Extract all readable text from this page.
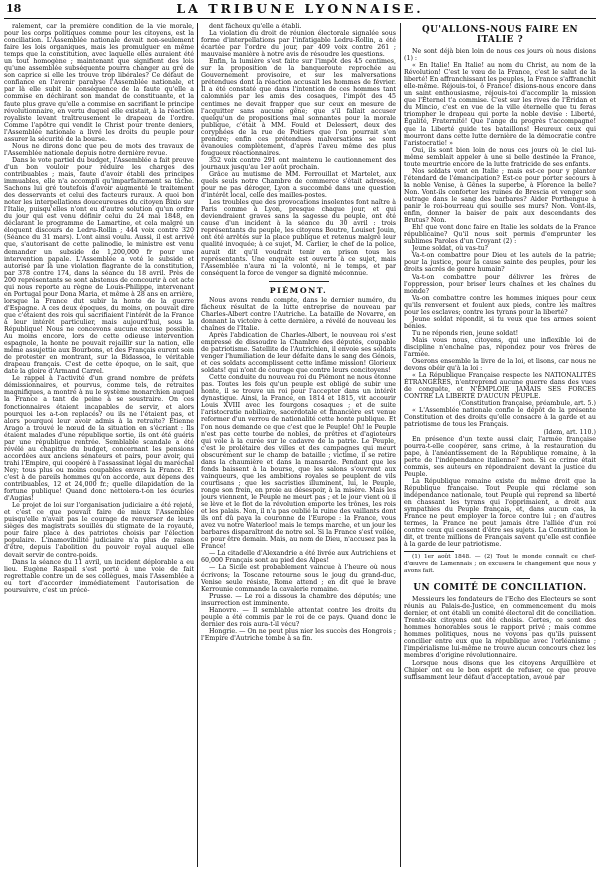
18	LA TRIBUNE LYONNAISE.

ralement, car la première condition de la vie morale, pour les corps politiques comme pour les citoyens, est la conciliation. L'Assemblée nationale devait non-seulement faire les lois organiques, mais les promulguer en même temps que la constitution, avec laquelle elles auraient été un tout homogène ; maintenant que signifient des lois qu'une assemblée subséquente pourra changer au gré de son caprice si elle les trouve trop libérales? Ce défaut de confiance en l'avenir paralyse l'Assemblée nationale, et par là elle subit la conséquence de la faute qu'elle a commise en déchirant son mandat de constituante, et la faute plus grave qu'elle a commise en sacrifiant le principe révolutionnaire, en vertu duquel elle existait, à la réaction royaliste levant traîtreusement le drapeau de l'ordre. Comme l'apôtre qui vendit le Christ pour trente deniers, l'Assemblée nationale a livré les droits du peuple pour assurer la sécurité de la bourse.

Nous ne dirons donc que peu de mots des travaux de l'Assemblée nationale depuis notre dernière revue.

Dans le vote partiel du budget, l'Assemblée a fait preuve d'un bon vouloir pour réduire les charges des contribuables ; mais, faute d'avoir établi des principes immuables, elle n'a accompli qu'imparfaitement sa tâche. Sachons lui gré toutefois d'avoir augmenté le traitement des desservants et celui des facteurs ruraux. A quoi bon noter les interpellations douceureuses du citoyen Bixio sur l'Italie, puisqu'elles n'ont eu d'autre solution qu'un ordre du jour qui est venu définir celui du 24 mai 1848, en déclarant le programme de Lamartine, et cela malgré un éloquent discours de Ledru-Rollin ; 444 voix contre 320 (Séance du 31 mars). L'ont ainsi voulu. Aussi, il est arrivé que, s'autorisant de cette palinodie, le ministre est venu demander un subside de 1,200,000 fr pour une intervention papale. L'Assemblée a voté le subside et autorisé par là une violation flagrante de la constitution, par 378 contre 174, dans la séance du 18 avril. Près de 200 représentants se sont abstenus de concourir à cet acte qui nous reporte au règne de Louis-Philippe, intervenant en Portugal pour Dona Maria, et même à 28 ans en arrière, lorsque la France dut subir la honte de la guerre d'Espagne. A ces deux époques, du moins, on pouvait dire que c'étaient des rois qui sacrifiaient l'intérêt de la France à leur intérêt particulier, mais aujourd'hui, sous la République! Nous ne concevons aucune excuse possible. Au moins encore, lors de cette odieuse intervention espagnole, la honte ne pouvait rejaillir sur la nation, elle même assujettie aux Bourbons, et des Français eurent soin de protester en montrant, sur la Bidassoa, le véritable drapeau français. C'est de cette époque, on le sait, que date la gloire d'Armand Carrel.

Le rappel à l'activité d'un grand nombre de préfets démissionnaires, et pourvus, comme tels, de retraites magnifiques, a montré à nu le système monarchien auquel la France a tant de peine à se soustraire. On ces fonctionnaires étaient incapables de servir, et alors pourquoi les a-t-on replacés? ou ils ne l'étaient pas, et alors pourquoi leur avoir admis à la retraite? Etienne Arago a trouvé le nœud de la situation en s'écriant : Ils étaient malades d'une république sortie, ils ont été guéris par une république rentrée. Semblable scandale a été révélé au chapitre du budget, concernant les pensions accordées aux anciens sénateurs et pairs, pour avoir, qui trahi l'Empire, qui coopéré à l'assassinat légal du maréchal Ney; tous plus ou moins coupables envers la France. Et c'est à de pareils hommes qu'on accorde, aux dépens des contribuables, 12 et 24,000 fr.; quelle dilapidation de la fortune publique! Quand donc nettoiera-t-on les écuries d'Augias!

Le projet de loi sur l'organisation judiciaire a été rejeté, et c'est ce que pouvait faire de mieux l'Assemblée puisqu'elle n'avait pas le courage de renverser de leurs sièges des magistrats souillés du stigmate de la royauté, pour faire place à des patriotes choisis par l'élection populaire. L'inamovibilité judiciaire n'a plus de raison d'être, depuis l'abolition du pouvoir royal auquel elle devait servir de contre-poids.

Dans la séance du 11 avril, un incident déplorable a eu lieu. Eugène Raspail s'est porté à une voie de fait regrettable contre un de ses collègues, mais l'Assemblée a eu tort d'accorder immédiatement l'autorisation de poursuivre, c'est un précé-

dent fâcheux qu'elle a établi.

La violation du droit de réunion électorale signalée sous forme d'interpellations par l'infatigable Ledru-Rollin, a été écartée par l'ordre du jour, par 409 voix contre 261 ; mauvaise manière à notre avis de résoudre les questions.

Enfin, la lumière s'est faite sur l'impôt des 45 centimes, sur la proposition de la banqueroute reprochée au Gouvernement provisoire, et sur les malversations prétendues dont la réaction accusait les hommes de février. Il a été constaté que dans l'intention de ces hommes tant calomniés par les amis des cosaques, l'impôt des 45 centimes ne devait frapper que sur ceux en mesure de l'acquitter sans aucune gêne; que s'il fallait accuser quelqu'un de propositions mal sonnantes pour la morale publique, c'était à MM. Fould et Delessert, deux des coryphées de la rue de Poitiers que l'on pourrait s'en prendre; enfin ces prétendues malversations se sont évanouies complètement, d'après l'aveu même des plus fougueux réactionnaires.

352 voix contre 291 ont maintenu le cautionnement des journaux jusqu'au 1er août prochain.

Grâce au mutisme de MM. Ferrouillat et Martelet, aux quels seuls notre Chambre de commerce s'était adressée, pour ne pas déroger, Lyon a succombé dans une question d'intérêt local, celle des mailles-postes.

Les troubles que des provocations insolentes font naître à Paris comme à Lyon, presque chaque jour, et qui deviendraient graves sans la sagesse du peuple, ont été cause d'un incident à la séance du 30 avril : trois représentants du peuple, les citoyens Boutre, Louiset Jouin, ont été arrêtés sur la place publique et retenus malgré leur qualité invoquée; à ce sujet, M. Carlier, le chef de la police, aurait dit qu'il voudrait tenir en prison tous les représentants. Une enquête est ouverte à ce sujet, mais l'Assemblée n'aura ni la volonté, ni le temps, et par conséquent la force de venger sa dignité méconnue.

PIÉMONT.

Nous avons rendu compte, dans le dernier numéro, du fâcheux résultat de la lutte entreprise de nouveau par Charles-Albert contre l'Autriche. La bataille de Novarre, en donnant la victoire à cette dernière, a révélé de nouveau les chaînes de l'Italie.

Après l'abdication de Charles-Albert, le nouveau roi s'est empressé de dissoudre la Chambre des députés, coupable de patriotisme. Satellite de l'Autrichien, il envoie ses soldats venger l'humiliation de leur défaite dans le sang des Génois, et ces soldats accomplissent cette infâme mission! Glorieux soldats! qui n'ont de courage que contre leurs concitoyens!

Cette conduite du nouveau roi du Piémont ne nous étonne pas. Toutes les fois qu'un peuple est obligé de subir une honte, il se trouve un roi pour l'accepter dans un intérêt dynastique. Ainsi, la France, en 1814 et 1815, vit accourir Louis XVIII avec les fourgons cosaques ; et de suite l'aristocratie nobiliaire, sacerdotale et financière est venue reformer d'un verrou de nationalité cette honte publique. Et l'on nous demande ce que c'est que le Peuple! Oh! le Peuple n'est pas cette tourbe de nobles, de prêtres et d'agioteurs qui vole à la curée sur le cadavre de la patrie. Le Peuple, c'est le prolétaire des villes et des campagnes qui meurt obscurément sur le champ de bataille ; victime, il se retire dans la chaumière et dans la mansarde. Pendant que les fonds baissent à la bourse, que les salons s'ouvrent aux vainqueurs, que les ambitions royales se peuplent de vils courtisans ; que les sacristies illuminent, lui, le Peuple, ronge son frein, en proie au désespoir, à la misère. Mais les jours viennent, le Peuple ne meurt pas ; et le jour vient où il se lève et le flot de la révolution emporte les trônes, les rois et les palais. Non, il n'a pas oublié la ruine des vaillants dont ils ont dû paya la couronne de l'Europe : la France, vous avez vu notre Waterloo! mais le temps marche, et un jour les barbares disparaîtront de notre sol. Si la France s'est voilée, ce pour être demain. Mais, au nom de Dieu, n'accusez pas la France!

— La citadelle d'Alexandrie a été livrée aux Autrichiens et 60,000 Français sont au pied des Alpes!

— La Sicile est probablement vaincue à l'heure où nous écrivons; la Toscane retourne sous le joug du grand-duc, Venise seule résiste, Rome attend ; en dit que le brave Kerrounie commande la cavalerie romaine.

Prusse. — Le roi a dissous la chambre des députés; une insurrection est imminente.

Hanovre. — Il semblable attentat contre les droits du peuple a été commis par le roi de ce pays. Quand donc le dernier des rois aura-t-il vécu?

Hongrie. — On ne peut plus nier les succès des Hongrois ; l'Empire d'Autriche tombe à sa fin.

QU'ALLONS-NOUS FAIRE EN ITALIE ?

Ne sont déjà bien loin de nous ces jours où nous disions (1) :

« En Italie! En Italie! au nom du Christ, au nom de la Révolution! C'est le vœu de la France, c'est le salut de la liberté! En affranchissant les peuples, la France s'affranchit elle-même. Réjouis-toi, ô France! disions-nous encore dans un saint enthousiasme, réjouis-toi d'accomplir la mission que l'Éternel t'a commise. C'est sur les rives de l'Éridan et du Mincio, c'est en vue de la ville éternelle que tu feras triompher le drapeau qui porte la noble devise : Liberté, Égalité, Fraternité! Que l'ange du progrès t'accompagne! que la Liberté guide tes bataillons! Heureux ceux qui mourront dans cette lutte dernière de la démocratie contre l'aristocratie! »

Oui, ils sont bien loin de nous ces jours où le ciel lui-même semblait appeler à une si belle destinée la France, toute meurtrie encore de la lutte fratricide de ses enfants.

Nos soldats vont en Italie ; mais est-ce pour y planter l'étendard de l'émancipation? Est-ce pour porter secours à la noble Venise, à Gênes la superbe, à Florence la belle? Non. Vont-ils conforter les ruines de Brescia et venger son outrage dans le sang des barbares? Aider Porthengue à panir le roi-bourreau qui souille ses murs? Non. Vont-ils, enfin, donner la baiser de paix aux descendants des Brutus? Non.

Eh! que vont donc faire en Italie les soldats de la France républicaine? Qu'il nous soit permis d'emprunter les sublimes Paroles d'un Croyant (2) :

Jeune soldat, où vas-tu?

Va-t-on combattre pour Dieu et les autels de la patrie; pour la justice, pour la cause sainte des peuples, pour les droits sacrés de genre humain?

Va-t-on combattre pour délivrer les frères de l'oppression, pour briser leurs chaînes et les chaînes du monde?

Va-on combattre contre les hommes iniques pour ceux qu'ils renversent et foulent aux pieds, contre les maîtres pour les esclaves; contre les tyrans pour la liberté?

Jeune soldat répondit, si tu veux que tes armes soient bénies.

Tu ne réponds rien, jeune soldat!

Mais vous nous, citoyens, qui une inflexible loi de discipline n'enchaîne pas, répondez pour vos frères de l'armée.

Oserons ensemble la livre de la loi, et lisons, car nous ne devons obéir qu'à la loi :

« La République Française respecte les NATIONALITÉS ÉTRANGÈRES, n'entreprend aucune guerre dans des vues de conquête, et N'EMPLOIE JAMAIS SES FORCES CONTRE LA LIBERTÉ D'AUCUN PEUPLE.

(Constitution française, préambule, art. 5.)

« L'Assemblée nationale confie le dépôt de la présente Constitution et des droits qu'elle consacre à la garde et au patriotisme de tous les Français.

(Idem, art. 110.)

En présence d'un texte aussi clair, l'armée française pourra-t-elle coopérer, sans crime, à la restauration du pape, à l'anéantissement de la République romaine, à la perte de l'indépendance italienne? non. Si ce crime était commis, ses auteurs en répondraient devant la justice du Peuple.

La République romaine existe du même droit que la République française. Tout Peuple qui réclame son indépendance nationale, tout Peuple qui reprend sa liberté en chassant les tyrans qui l'opprimaient, a droit aux sympathies du Peuple français, et, dans aucun cas, la France ne peut employer la force contre lui ; en d'autres termes, la France ne peut jamais être l'alliée d'un roi contre ceux qui cessent d'être ses sujets. La Constitution le dit, et trente millions de Français savent qu'elle est confiée à la garde de leur patriotisme.

(1) 1er août 1848. — (2) Tout le monde connaît ce chef-d'œuvre de Lamennais ; on excusera le changement que nous y avons fait.

UN COMITÉ DE CONCILIATION.

Messieurs les fondateurs de l'Echo des Electeurs se sont réunis au Palais-de-Justice, en commencement du mois dernier, et ont établi un comité électoral dit de conciliation. Trente-six citoyens ont été choisis. Certes, ce sont des hommes honorables sous le rapport privé ; mais comme hommes politiques, nous ne voyons pas qu'ils puissent concilier entre eux que la république avec l'orléanisme ; l'impérialisme lui-même ne trouve aucun concours chez les membres d'origine révolutionnaire.

Lorsque nous disons que les citoyens Arquillière et Chipier ont eu le bon esprit de refuser, ce que prouve suffisamment leur défaut d'acceptation, avoué par
